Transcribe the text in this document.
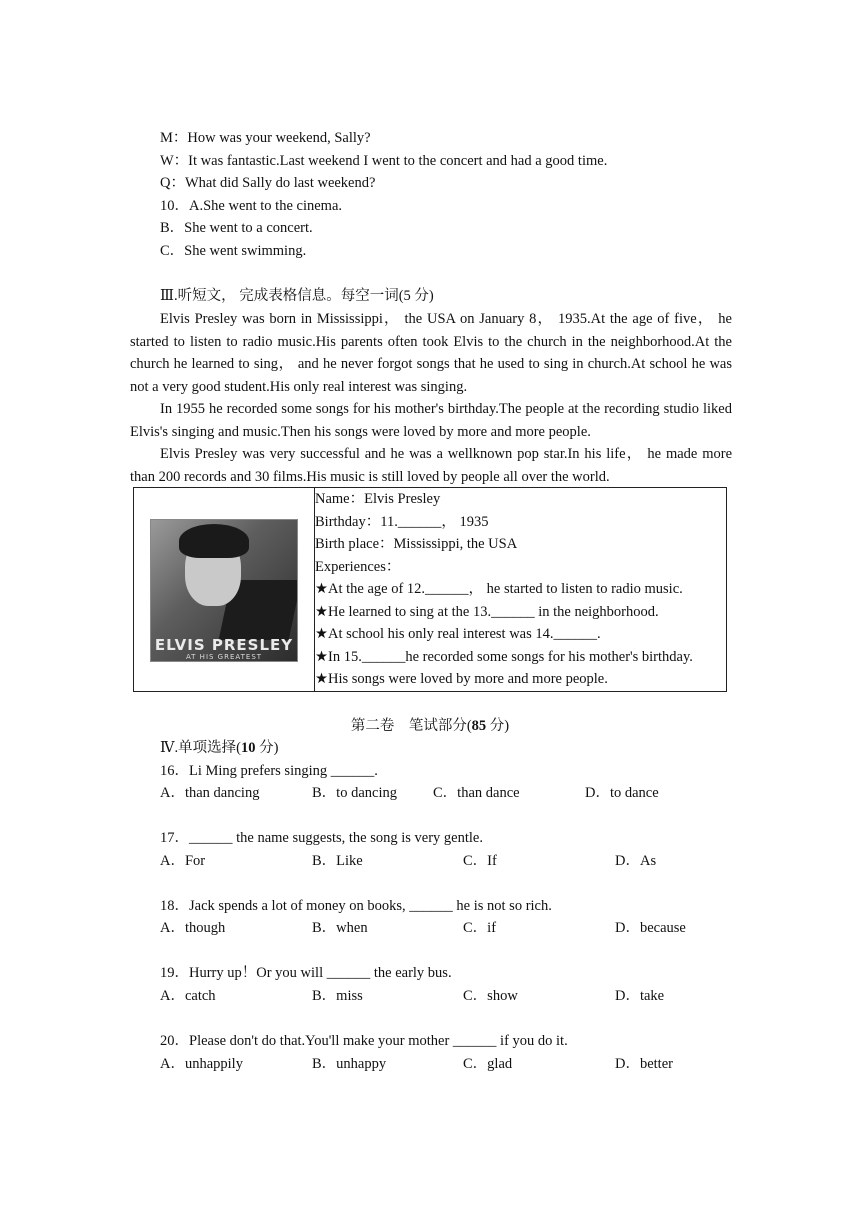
M：How was your weekend, Sally?
W：It was fantastic.Last weekend I went to the concert and had a good time.
Q：What did Sally do last weekend?
10．A.She went to the cinema.
B．She went to a concert.
C．She went swimming.
Ⅲ.听短文， 完成表格信息。每空一词(5 分)
Elvis Presley was born in Mississippi， the USA on January 8， 1935.At the age of five， he started to listen to radio music.His parents often took Elvis to the church in the neighborhood.At the church he learned to sing， and he never forgot songs that he used to sing in church.At school he was not a very good student.His only real interest was singing.
In 1955 he recorded some songs for his mother's birthday.The people at the recording studio liked Elvis's singing and music.Then his songs were loved by more and more people.
Elvis Presley was very successful and he was a wellknown pop star.In his life， he made more than 200 records and 30 films.His music is still loved by people all over the world.
ELVIS PRESLEY
AT HIS GREATEST

Name：Elvis Presley
Birthday：11.______， 1935
Birth place：Mississippi, the USA
Experiences：
★At the age of 12.______， he started to listen to radio music.
★He learned to sing at the 13.______ in the neighborhood.
★At school his only real interest was 14.______.
★In 15.______he recorded some songs for his mother's birthday.
★His songs were loved by more and more people.
第二卷　笔试部分(85 分)
Ⅳ.单项选择(10 分)
16．Li Ming prefers singing ______.
A．than dancing	B．to dancing C．than dance	D．to dance
17．______ the name suggests, the song is very gentle.
A．For	B．Like	C．If	D．As
18．Jack spends a lot of money on books, ______ he is not so rich.
A．though	B．when	C．if	D．because
19．Hurry up！Or you will ______ the early bus.
A．catch	B．miss	C．show	D．take
20．Please don't do that.You'll make your mother ______ if you do it.
A．unhappily	B．unhappy	C．glad	D．better
